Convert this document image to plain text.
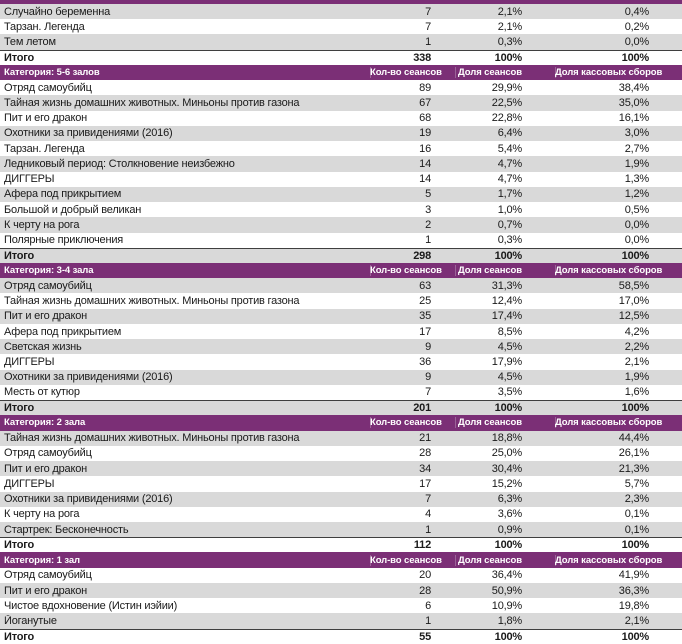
Случайно беременна	7	2,1%	0,4%
Тарзан. Легенда	7	2,1%	0,2%
Тем летом	1	0,3%	0,0%
Итого	338	100%	100%
Категория: 5-6 залов	Кол-во сеансов	Доля сеансов	Доля кассовых сборов
Отряд самоубийц	89	29,9%	38,4%
Тайная жизнь домашних животных. Миньоны против газона	67	22,5%	35,0%
Пит и его дракон	68	22,8%	16,1%
Охотники за привидениями (2016)	19	6,4%	3,0%
Тарзан. Легенда	16	5,4%	2,7%
Ледниковый период: Столкновение неизбежно	14	4,7%	1,9%
ДИГГЕРЫ	14	4,7%	1,3%
Афера под прикрытием	5	1,7%	1,2%
Большой и добрый великан	3	1,0%	0,5%
К черту на рога	2	0,7%	0,0%
Полярные приключения	1	0,3%	0,0%
Итого	298	100%	100%
Категория: 3-4 зала	Кол-во сеансов	Доля сеансов	Доля кассовых сборов
Отряд самоубийц	63	31,3%	58,5%
Тайная жизнь домашних животных. Миньоны против газона	25	12,4%	17,0%
Пит и его дракон	35	17,4%	12,5%
Афера под прикрытием	17	8,5%	4,2%
Светская жизнь	9	4,5%	2,2%
ДИГГЕРЫ	36	17,9%	2,1%
Охотники за привидениями (2016)	9	4,5%	1,9%
Месть от кутюр	7	3,5%	1,6%
Итого	201	100%	100%
Категория: 2 зала	Кол-во сеансов	Доля сеансов	Доля кассовых сборов
Тайная жизнь домашних животных. Миньоны против газона	21	18,8%	44,4%
Отряд самоубийц	28	25,0%	26,1%
Пит и его дракон	34	30,4%	21,3%
ДИГГЕРЫ	17	15,2%	5,7%
Охотники за привидениями (2016)	7	6,3%	2,3%
К черту на рога	4	3,6%	0,1%
Стартрек: Бесконечность	1	0,9%	0,1%
Итого	112	100%	100%
Категория: 1 зал	Кол-во сеансов	Доля сеансов	Доля кассовых сборов
Отряд самоубийц	20	36,4%	41,9%
Пит и его дракон	28	50,9%	36,3%
Чистое вдохновение (Истин иэйии)	6	10,9%	19,8%
Йоганутые	1	1,8%	2,1%
Итого	55	100%	100%
